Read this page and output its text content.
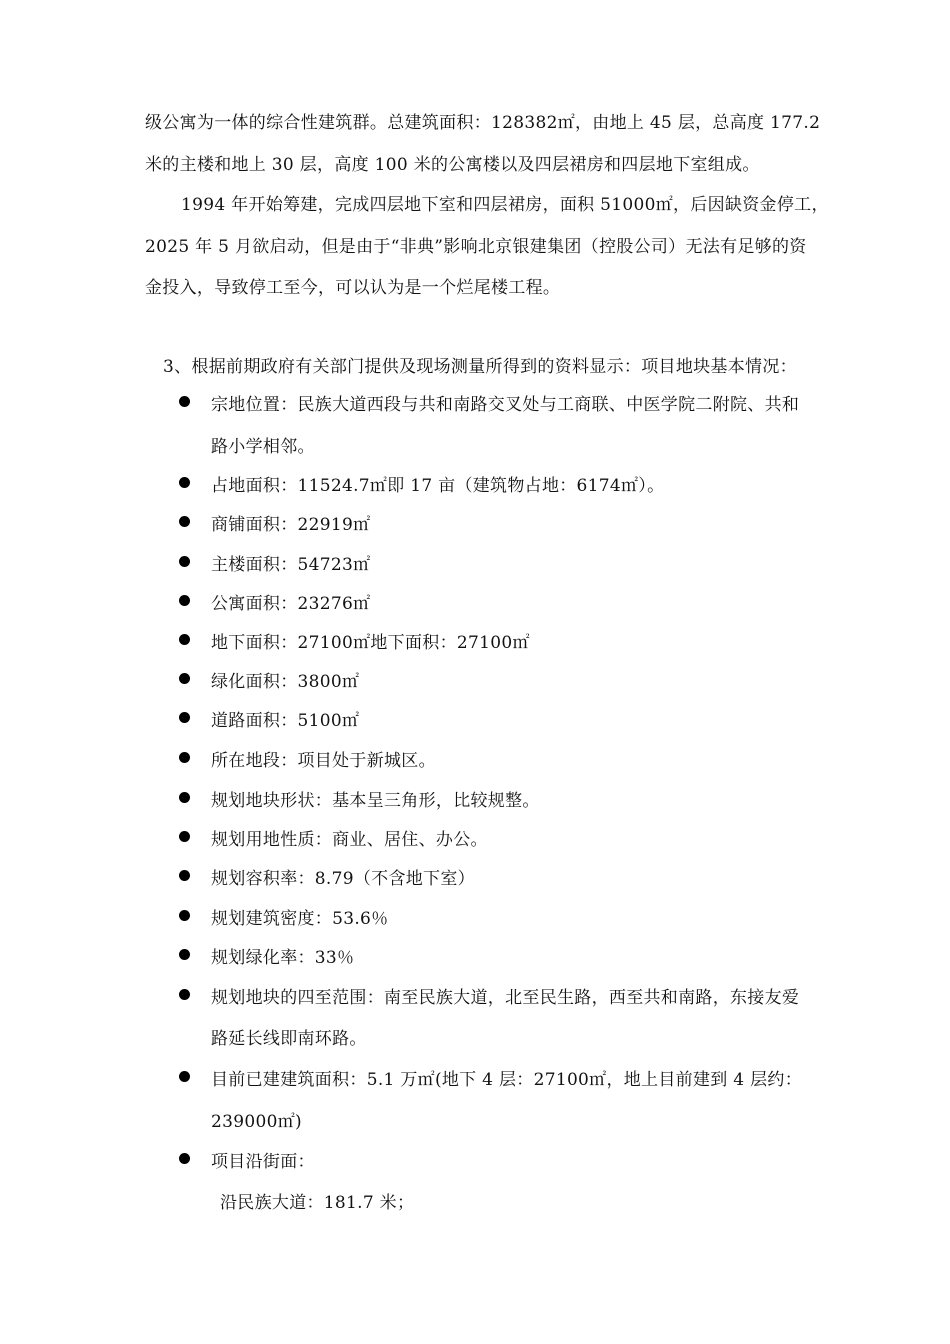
级公寓为一体的综合性建筑群。总建筑面积：128382㎡，由地上 45 层，总高度 177.2
米的主楼和地上 30 层，高度 100 米的公寓楼以及四层裙房和四层地下室组成。
1994 年开始筹建，完成四层地下室和四层裙房，面积 51000㎡，后因缺资金停工，
2025 年 5 月欲启动，但是由于“非典”影响北京银建集团（控股公司）无法有足够的资
金投入，导致停工至今，可以认为是一个烂尾楼工程。
3、根据前期政府有关部门提供及现场测量所得到的资料显示：项目地块基本情况：
宗地位置：民族大道西段与共和南路交叉处与工商联、中医学院二附院、共和
路小学相邻。
占地面积：11524.7㎡即 17 亩（建筑物占地：6174㎡）。
商铺面积：22919㎡
主楼面积：54723㎡
公寓面积：23276㎡
地下面积：27100㎡地下面积：27100㎡
绿化面积：3800㎡
道路面积：5100㎡
所在地段：项目处于新城区。
规划地块形状：基本呈三角形，比较规整。
规划用地性质：商业、居住、办公。
规划容积率：8.79（不含地下室）
规划建筑密度：53.6％
规划绿化率：33％
规划地块的四至范围：南至民族大道，北至民生路，西至共和南路，东接友爱
路延长线即南环路。
目前已建建筑面积：5.1 万㎡(地下 4 层：27100㎡，地上目前建到 4 层约：
239000㎡)
项目沿街面：
沿民族大道：181.7 米；
